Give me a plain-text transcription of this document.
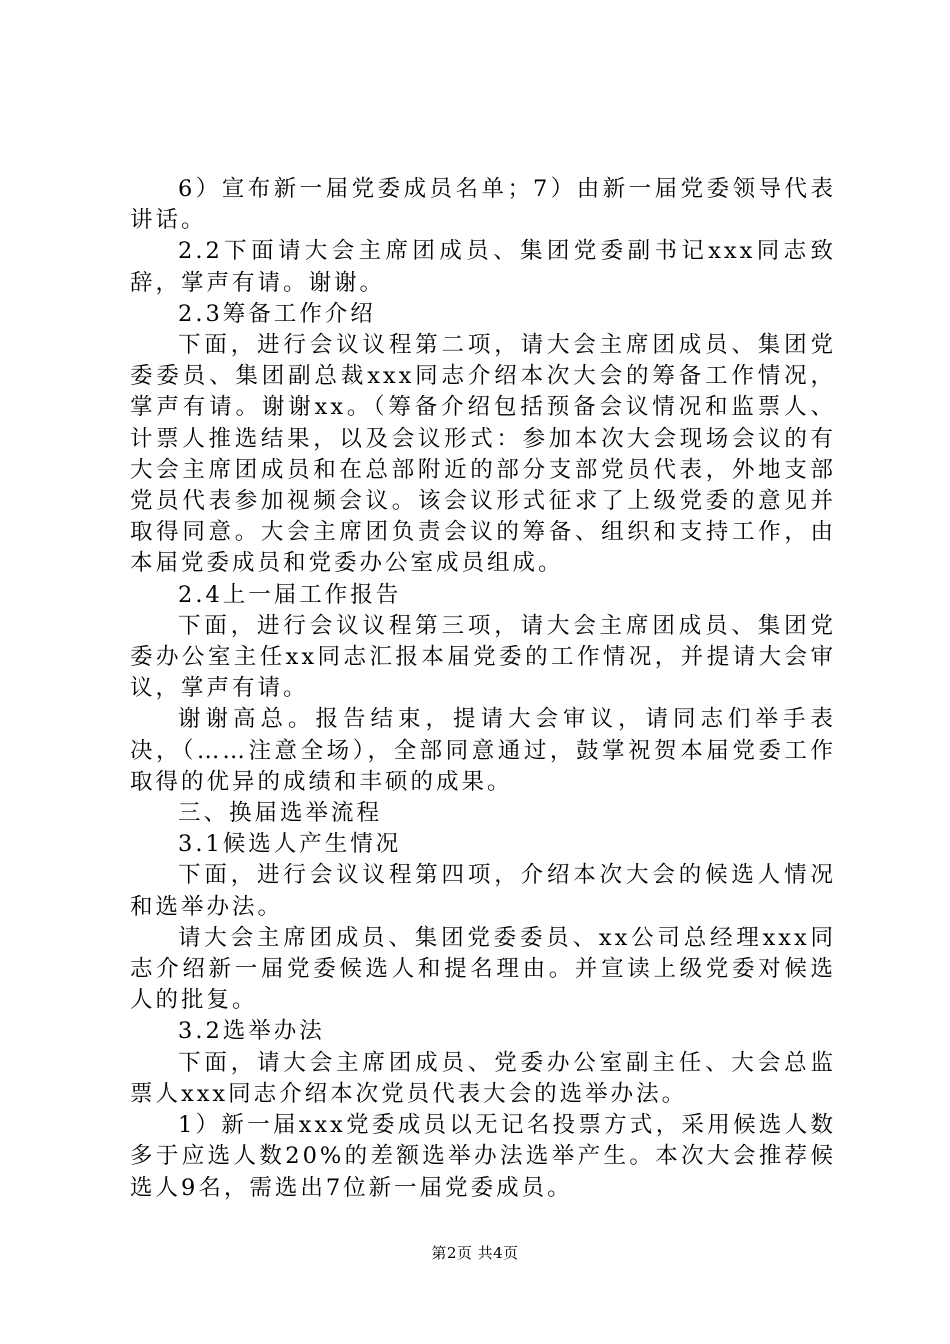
6）宣布新一届党委成员名单；7）由新一届党委领导代表讲话。

2.2下面请大会主席团成员、集团党委副书记xxx同志致辞，掌声有请。谢谢。

2.3筹备工作介绍

下面，进行会议议程第二项，请大会主席团成员、集团党委委员、集团副总裁xxx同志介绍本次大会的筹备工作情况，掌声有请。谢谢xx。（筹备介绍包括预备会议情况和监票人、计票人推选结果，以及会议形式：参加本次大会现场会议的有大会主席团成员和在总部附近的部分支部党员代表，外地支部党员代表参加视频会议。该会议形式征求了上级党委的意见并取得同意。大会主席团负责会议的筹备、组织和支持工作，由本届党委成员和党委办公室成员组成。

2.4上一届工作报告

下面，进行会议议程第三项，请大会主席团成员、集团党委办公室主任xx同志汇报本届党委的工作情况，并提请大会审议，掌声有请。

谢谢高总。报告结束，提请大会审议，请同志们举手表决，（……注意全场），全部同意通过，鼓掌祝贺本届党委工作取得的优异的成绩和丰硕的成果。

三、换届选举流程

3.1候选人产生情况

下面，进行会议议程第四项，介绍本次大会的候选人情况和选举办法。

请大会主席团成员、集团党委委员、xx公司总经理xxx同志介绍新一届党委候选人和提名理由。并宣读上级党委对候选人的批复。

3.2选举办法

下面，请大会主席团成员、党委办公室副主任、大会总监票人xxx同志介绍本次党员代表大会的选举办法。

1）新一届xxx党委成员以无记名投票方式，采用候选人数多于应选人数20%的差额选举办法选举产生。本次大会推荐候选人9名，需选出7位新一届党委成员。

第2页 共4页
